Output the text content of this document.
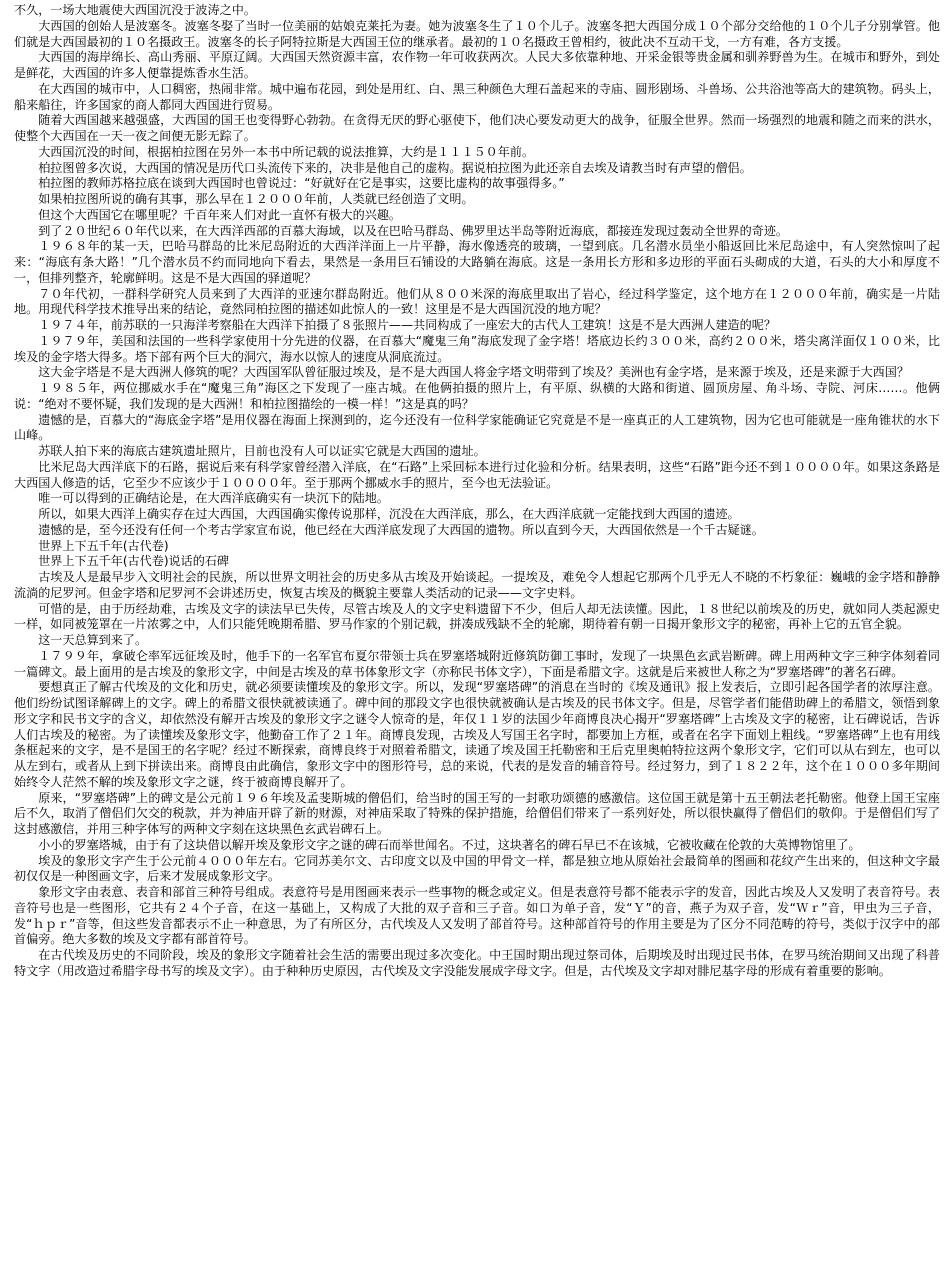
不久，一场大地震使大西国沉没于波涛之中。

大西国的创始人是波塞冬。波塞冬娶了当时一位美丽的姑娘克莱托为妻。她为波塞冬生了１０个儿子。波塞冬把大西国分成１０个部分交给他的１０个儿子分别掌管。他们就是大西国最初的１０名摄政王。波塞冬的长子阿特拉斯是大西国王位的继承者。最初的１０名摄政王曾相约，彼此决不互动干戈，一方有难，各方支援。

大西国的海岸绵长、高山秀丽、平原辽阔。大西国天然资源丰富，农作物一年可收获两次。人民大多依靠种地、开采金银等贵金属和驯养野兽为生。在城市和野外，到处是鲜花，大西国的许多人便靠提炼香水生活。

在大西国的城市中，人口稠密，热闹非常。城中遍布花园，到处是用红、白、黑三种颜色大理石盖起来的寺庙、圆形剧场、斗兽场、公共浴池等高大的建筑物。码头上，船来船往，许多国家的商人都同大西国进行贸易。

随着大西国越来越强盛，大西国的国王也变得野心勃勃。在贪得无厌的野心驱使下，他们决心要发动更大的战争，征服全世界。然而一场强烈的地震和随之而来的洪水，使整个大西国在一天一夜之间便无影无踪了。

大西国沉没的时间，根据柏拉图在另外一本书中所记载的说法推算，大约是１１１５０年前。

柏拉图曾多次说，大西国的情况是历代口头流传下来的，决非是他自己的虚构。据说柏拉图为此还亲自去埃及请教当时有声望的僧侣。

柏拉图的教师苏格拉底在谈到大西国时也曾说过：“好就好在它是事实，这要比虚构的故事强得多。”

如果柏拉图所说的确有其事，那么早在１２０００年前，人类就已经创造了文明。

但这个大西国它在哪里呢？千百年来人们对此一直怀有极大的兴趣。

到了２０世纪６０年代以来，在大西洋西部的百慕大海域，以及在巴哈马群岛、佛罗里达半岛等附近海底，都接连发现过轰动全世界的奇迹。

１９６８年的某一天，巴哈马群岛的比米尼岛附近的大西洋洋面上一片平静，海水像透亮的玻璃，一望到底。几名潜水员坐小船返回比米尼岛途中，有人突然惊叫了起来：“海底有条大路！”几个潜水员不约而同地向下看去，果然是一条用巨石铺设的大路躺在海底。这是一条用长方形和多边形的平面石头砌成的大道，石头的大小和厚度不一，但排列整齐，轮廓鲜明。这是不是大西国的驿道呢？

７０年代初，一群科学研究人员来到了大西洋的亚速尔群岛附近。他们从８００米深的海底里取出了岩心，经过科学鉴定，这个地方在１２０００年前，确实是一片陆地。用现代科学技术推导出来的结论，竟然同柏拉图的描述如此惊人的一致！这里是不是大西国沉没的地方呢？

１９７４年，前苏联的一只海洋考察船在大西洋下拍摄了８张照片——共同构成了一座宏大的古代人工建筑！这是不是大西洲人建造的呢？

１９７９年，美国和法国的一些科学家使用十分先进的仪器，在百慕大“魔鬼三角”海底发现了金字塔！塔底边长约３００米，高约２００米，塔尖离洋面仅１００米，比埃及的金字塔大得多。塔下部有两个巨大的洞穴，海水以惊人的速度从洞底流过。

这大金字塔是不是大西洲人修筑的呢？大西国军队曾征服过埃及，是不是大西国人将金字塔文明带到了埃及？美洲也有金字塔，是来源于埃及，还是来源于大西国？

１９８５年，两位挪威水手在“魔鬼三角”海区之下发现了一座古城。在他俩拍摄的照片上，有平原、纵横的大路和街道、圆顶房屋、角斗场、寺院、河床……。他俩说：“绝对不要怀疑，我们发现的是大西洲！和柏拉图描绘的一模一样！”这是真的吗？

遗憾的是，百慕大的“海底金字塔”是用仪器在海面上探测到的，迄今还没有一位科学家能确证它究竟是不是一座真正的人工建筑物，因为它也可能就是一座角锥状的水下山峰。

苏联人拍下来的海底古建筑遗址照片，目前也没有人可以证实它就是大西国的遗址。

比米尼岛大西洋底下的石路，据说后来有科学家曾经潜入洋底，在“石路”上采回标本进行过化验和分析。结果表明，这些“石路”距今还不到１００００年。如果这条路是大西国人修造的话，它至少不应该少于１００００年。至于那两个挪威水手的照片，至今也无法验证。

唯一可以得到的正确结论是，在大西洋底确实有一块沉下的陆地。

所以，如果大西洋上确实存在过大西国，大西国确实像传说那样，沉没在大西洋底，那么，在大西洋底就一定能找到大西国的遗迹。

遗憾的是，至今还没有任何一个考古学家宣布说，他已经在大西洋底发现了大西国的遗物。所以直到今天，大西国依然是一个千古疑谜。

世界上下五千年(古代卷)

世界上下五千年(古代卷)说话的石碑

古埃及人是最早步入文明社会的民族，所以世界文明社会的历史多从古埃及开始谈起。一提埃及，难免令人想起它那两个几乎无人不晓的不朽象征：巍峨的金字塔和静静流淌的尼罗河。但金字塔和尼罗河不会讲述历史，恢复古埃及的概貌主要靠人类活动的记录——文字史料。

可惜的是，由于历经劫难，古埃及文字的读法早已失传，尽管古埃及人的文字史料遗留下不少，但后人却无法读懂。因此，１８世纪以前埃及的历史，就如同人类起源史一样，如同被笼罩在一片浓雾之中，人们只能凭晚期希腊、罗马作家的个别记载，拼凑成残缺不全的轮廓，期待着有朝一日揭开象形文字的秘密，再补上它的五官全貌。

这一天总算到来了。

１７９９年，拿破仑率军远征埃及时，他手下的一名军官布夏尔带领士兵在罗塞塔城附近修筑防御工事时，发现了一块黑色玄武岩断碑。碑上用两种文字三种字体刻着同一篇碑文。最上面用的是古埃及的象形文字，中间是古埃及的草书体象形文字（亦称民书体文字），下面是希腊文字。这就是后来被世人称之为“罗塞塔碑”的著名石碑。

要想真正了解古代埃及的文化和历史，就必须要读懂埃及的象形文字。所以，发现“罗塞塔碑”的消息在当时的《埃及通讯》报上发表后，立即引起各国学者的浓厚注意。他们纷纷试图译解碑上的文字。碑上的希腊文很快就被读通了。碑中间的那段文字也很快就被确认是古埃及的民书体文字。但是，尽管学者们能借助碑上的希腊文，领悟到象形文字和民书文字的含义，却依然没有解开古埃及的象形文字之谜令人惊奇的是，年仅１１岁的法国少年商博良决心揭开“罗塞塔碑”上古埃及文字的秘密，让石碑说话，告诉人们古埃及的秘密。为了读懂埃及象形文字，他勤奋工作了２１年。商博良发现，古埃及人写国王名字时，都要加上方框，或者在名字下面划上粗线。“罗塞塔碑”上也有用线条框起来的文字，是不是国王的名字呢？经过不断探索，商博良终于对照着希腊文，读通了埃及国王托勒密和王后克里奥帕特拉这两个象形文字，它们可以从右到左，也可以从左到右，或者从上到下拼读出来。商博良由此确信，象形文字中的图形符号，总的来说，代表的是发音的辅音符号。经过努力，到了１８２２年，这个在１０００多年期间始终令人茫然不解的埃及象形文字之谜，终于被商博良解开了。

原来，“罗塞塔碑”上的碑文是公元前１９６年埃及孟斐斯城的僧侣们，给当时的国王写的一封歌功颂德的感激信。这位国王就是第十五王朝法老托勒密。他登上国王宝座后不久，取消了僧侣们欠交的税款，并为神庙开辟了新的财源，对神庙采取了特殊的保护措施，给僧侣们带来了一系列好处，所以很快赢得了僧侣们的敬仰。于是僧侣们写了这封感激信，并用三种字体写的两种文字刻在这块黑色玄武岩碑石上。

小小的罗塞塔城，由于有了这块借以解开埃及象形文字之谜的碑石而举世闻名。不过，这块著名的碑石早已不在该城，它被收藏在伦敦的大英博物馆里了。

埃及的象形文字产生于公元前４０００年左右。它同苏美尔文、古印度文以及中国的甲骨文一样，都是独立地从原始社会最简单的图画和花纹产生出来的，但这种文字最初仅仅是一种图画文字，后来才发展成象形文字。

象形文字由表意、表音和部首三种符号组成。表意符号是用图画来表示一些事物的概念或定义。但是表意符号都不能表示字的发音，因此古埃及人又发明了表音符号。表音符号也是一些图形，它共有２４个子音，在这一基础上，又构成了大批的双子音和三子音。如口为单子音，发“Ｙ”的音，燕子为双子音，发“Ｗｒ”音，甲虫为三子音，发“ｈｐｒ”音等，但这些发音都表示不止一种意思，为了有所区分，古代埃及人又发明了部首符号。这种部首符号的作用主要是为了区分不同范畴的符号，类似于汉字中的部首偏旁。绝大多数的埃及文字都有部首符号。

在古代埃及历史的不同阶段，埃及的象形文字随着社会生活的需要出现过多次变化。中王国时期出现过祭司体，后期埃及时出现过民书体，在罗马统治期间又出现了科普特文字（用改造过希腊字母书写的埃及文字）。由于种种历史原因，古代埃及文字没能发展成字母文字。但是，古代埃及文字却对腓尼基字母的形成有着重要的影响。
